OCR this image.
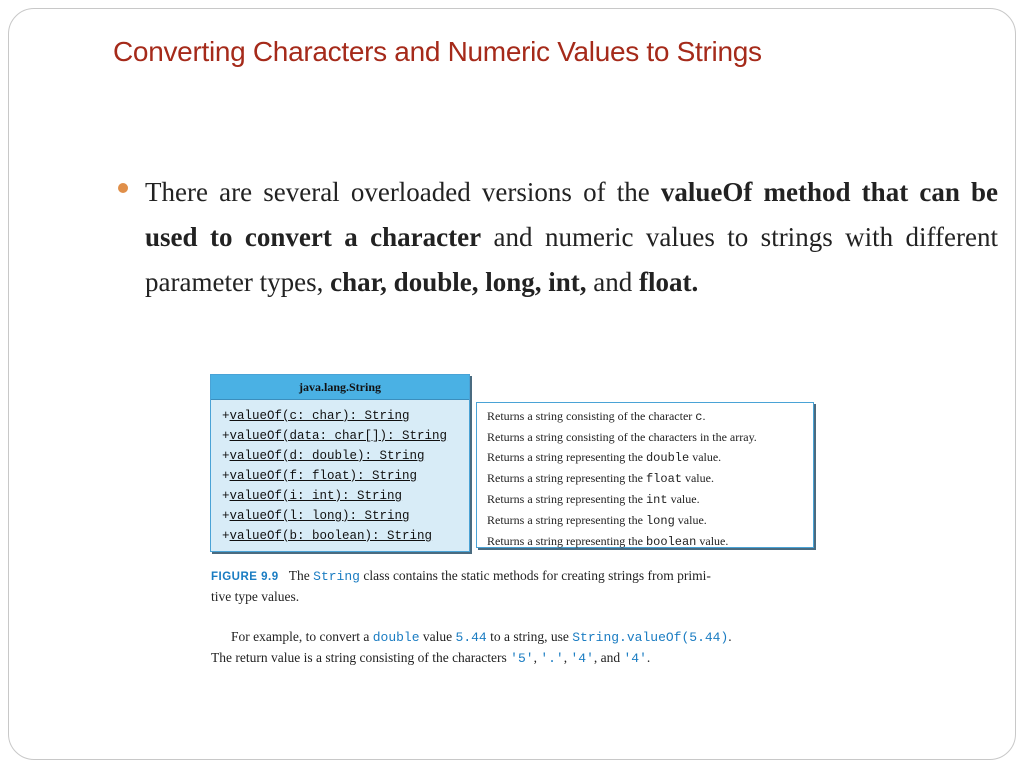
Converting Characters and Numeric Values to Strings
There are several overloaded versions of the valueOf method that can be used to convert a character and numeric values to strings with different parameter types, char, double, long, int, and float.
java.lang.String
+valueOf(c: char): String
+valueOf(data: char[]): String
+valueOf(d: double): String
+valueOf(f: float): String
+valueOf(i: int): String
+valueOf(l: long): String
+valueOf(b: boolean): String
Returns a string consisting of the character c.
Returns a string consisting of the characters in the array.
Returns a string representing the double value.
Returns a string representing the float value.
Returns a string representing the int value.
Returns a string representing the long value.
Returns a string representing the boolean value.
FIGURE 9.9 The String class contains the static methods for creating strings from primi-
tive type values.
For example, to convert a double value 5.44 to a string, use String.valueOf(5.44).
The return value is a string consisting of the characters '5', '.', '4', and '4'.
